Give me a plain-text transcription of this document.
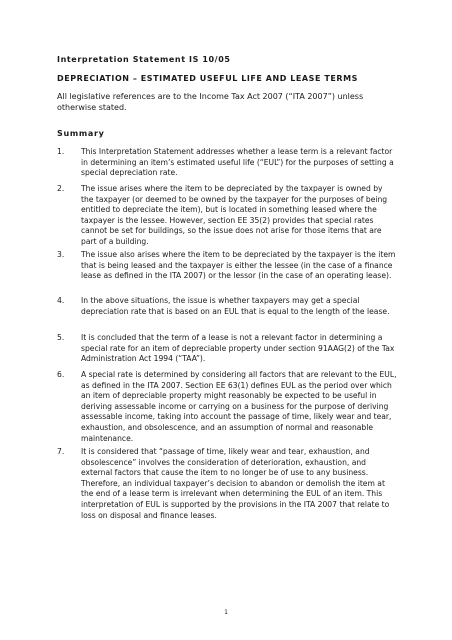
Interpretation Statement IS 10/05

DEPRECIATION – ESTIMATED USEFUL LIFE AND LEASE TERMS

All legislative references are to the Income Tax Act 2007 (“ITA 2007”) unless otherwise stated.

Summary

1.	This Interpretation Statement addresses whether a lease term is a relevant factor in determining an item’s estimated useful life (“EUL”) for the purposes of setting a special depreciation rate.
2.	The issue arises where the item to be depreciated by the taxpayer is owned by the taxpayer (or deemed to be owned by the taxpayer for the purposes of being entitled to depreciate the item), but is located in something leased where the taxpayer is the lessee. However, section EE 35(2) provides that special rates cannot be set for buildings, so the issue does not arise for those items that are part of a building.
3.	The issue also arises where the item to be depreciated by the taxpayer is the item that is being leased and the taxpayer is either the lessee (in the case of a finance lease as defined in the ITA 2007) or the lessor (in the case of an operating lease).
4.	In the above situations, the issue is whether taxpayers may get a special depreciation rate that is based on an EUL that is equal to the length of the lease.
5.	It is concluded that the term of a lease is not a relevant factor in determining a special rate for an item of depreciable property under section 91AAG(2) of the Tax Administration Act 1994 (“TAA”).
6.	A special rate is determined by considering all factors that are relevant to the EUL, as defined in the ITA 2007. Section EE 63(1) defines EUL as the period over which an item of depreciable property might reasonably be expected to be useful in deriving assessable income or carrying on a business for the purpose of deriving assessable income, taking into account the passage of time, likely wear and tear, exhaustion, and obsolescence, and an assumption of normal and reasonable maintenance.
7.	It is considered that “passage of time, likely wear and tear, exhaustion, and obsolescence” involves the consideration of deterioration, exhaustion, and external factors that cause the item to no longer be of use to any business. Therefore, an individual taxpayer’s decision to abandon or demolish the item at the end of a lease term is irrelevant when determining the EUL of an item. This interpretation of EUL is supported by the provisions in the ITA 2007 that relate to loss on disposal and finance leases.

1
